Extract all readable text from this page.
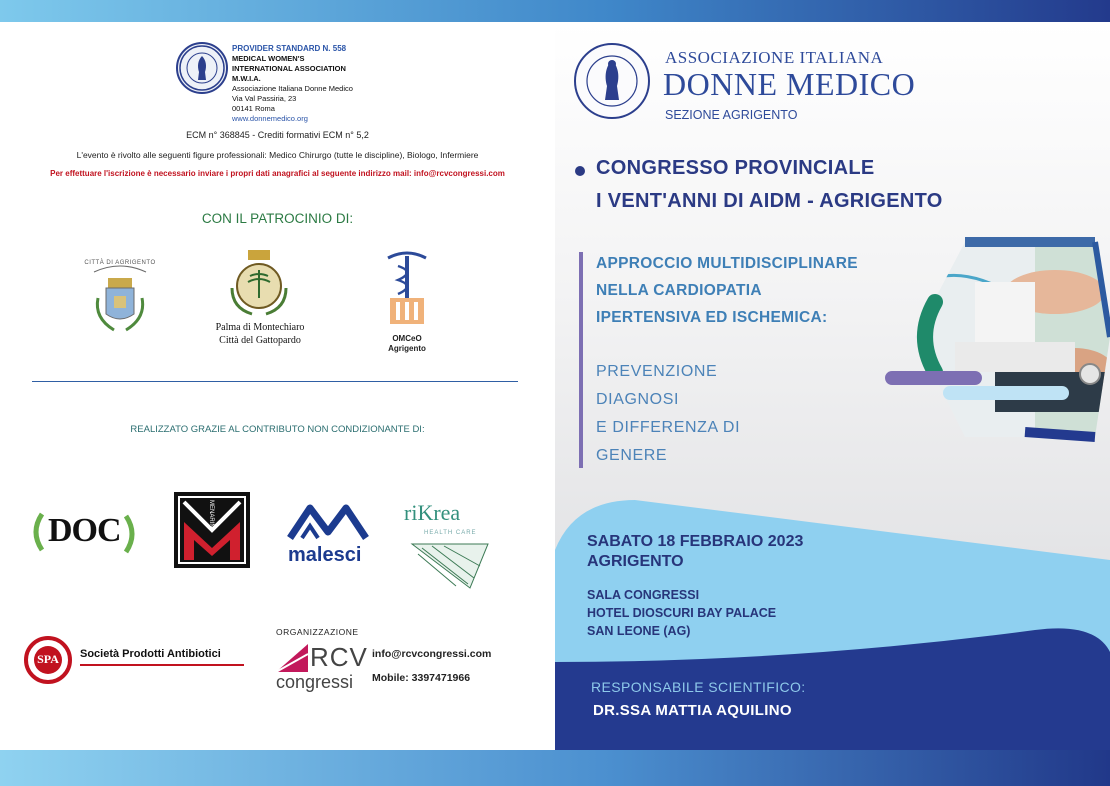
PROVIDER STANDARD N. 558
MEDICAL WOMEN'S
INTERNATIONAL ASSOCIATION
M.W.I.A.
Associazione Italiana Donne Medico
Via Val Passiria, 23
00141 Roma
www.donnemedico.org
ECM n° 368845 - Crediti formativi ECM n° 5,2
L'evento è rivolto alle seguenti figure professionali: Medico Chirurgo (tutte le discipline), Biologo, Infermiere
Per effettuare l'iscrizione è necessario inviare i propri dati anagrafici al seguente indirizzo mail: info@rcvcongressi.com
CON IL PATROCINIO DI:
CITTÀ DI AGRIGENTO
Palma di Montechiaro
Città del Gattopardo	OMCeO
Agrigento
REALIZZATO GRAZIE AL CONTRIBUTO NON CONDIZIONANTE DI:
DOC	MENARINI
malesci
riKrea
HEALTH CARE
SPA	Società Prodotti Antibiotici
ORGANIZZAZIONE
RCV
congressi
info@rcvcongressi.com
Mobile: 3397471966
ASSOCIAZIONE ITALIANA
DONNE MEDICO
SEZIONE AGRIGENTO
CONGRESSO PROVINCIALE
I VENT'ANNI DI AIDM - AGRIGENTO
APPROCCIO MULTIDISCIPLINARE
NELLA CARDIOPATIA
IPERTENSIVA ED ISCHEMICA:
PREVENZIONE
DIAGNOSI
E DIFFERENZA DI
GENERE
SABATO 18 FEBBRAIO 2023
AGRIGENTO
SALA CONGRESSI
HOTEL DIOSCURI BAY PALACE
SAN LEONE (AG)
RESPONSABILE SCIENTIFICO:
DR.SSA MATTIA AQUILINO
